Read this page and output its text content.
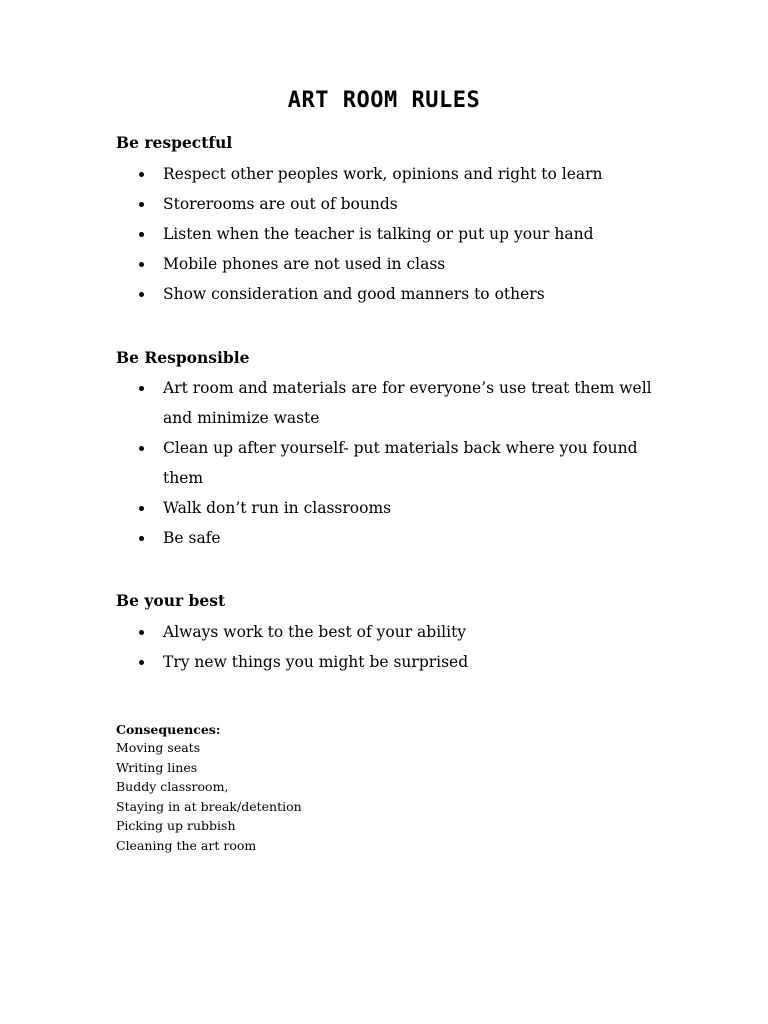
ART ROOM RULES
Be respectful
Respect other peoples work, opinions and right to learn
Storerooms are out of bounds
Listen when the teacher is talking or put up your hand
Mobile phones are not used in class
Show consideration and good manners to others
Be Responsible
Art room and materials are for everyone’s use treat them well and minimize waste
Clean up after yourself- put materials back where you found them
Walk don’t run in classrooms
Be safe
Be your best
Always work to the best of your ability
Try new things you might be surprised
Consequences:
Moving seats
Writing lines
Buddy classroom,
Staying in at break/detention
Picking up rubbish
Cleaning the art room
